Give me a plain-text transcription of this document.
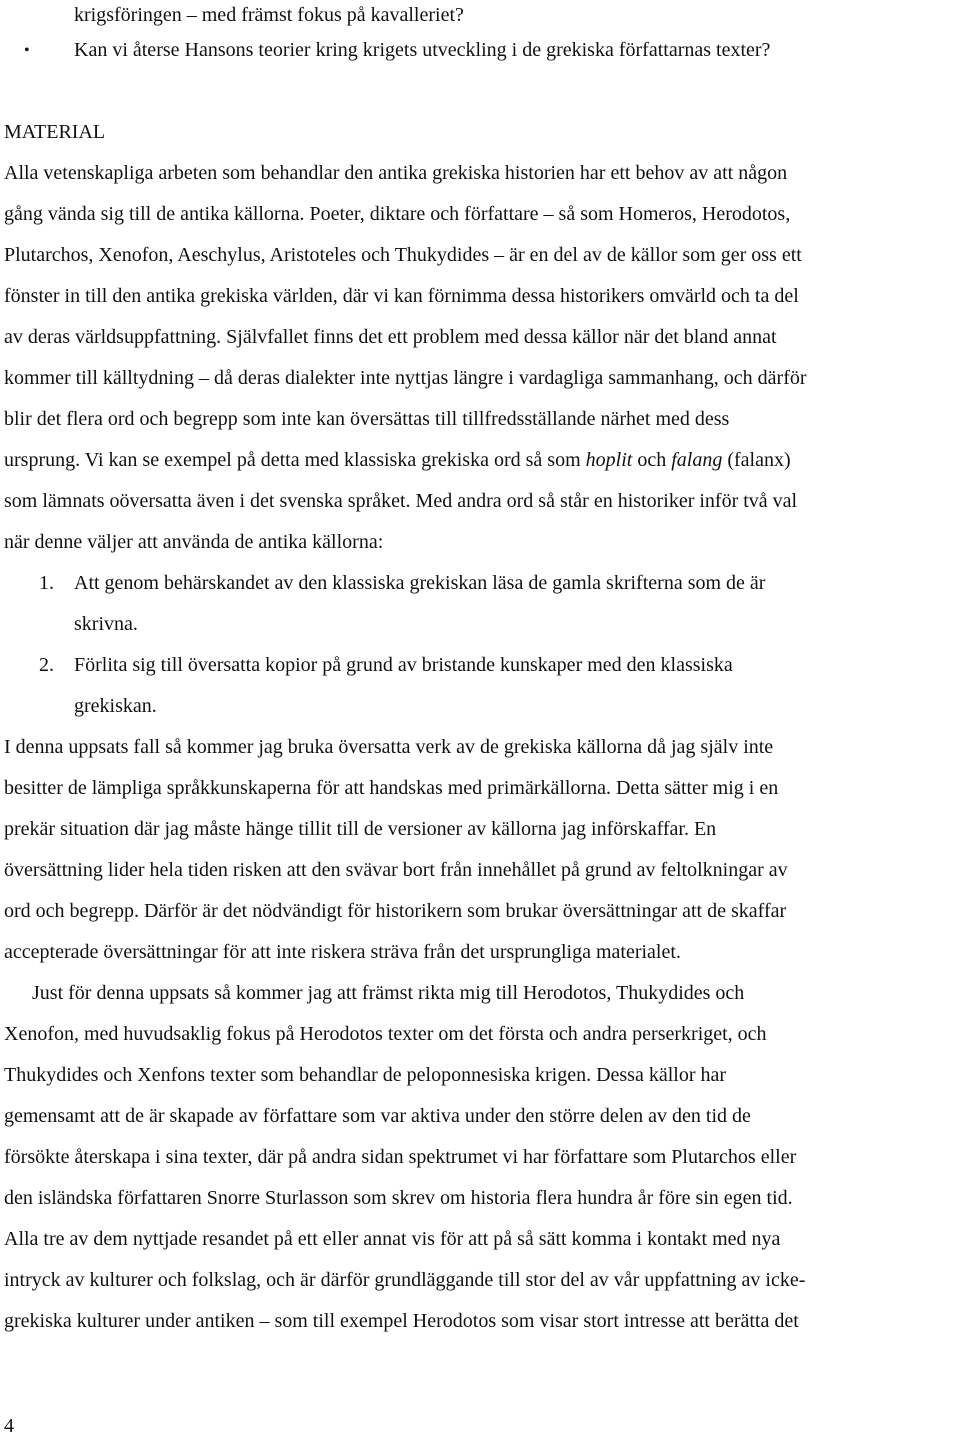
krigsföringen – med främst fokus på kavalleriet?
• Kan vi återse Hansons teorier kring krigets utveckling i de grekiska författarnas texter?
MATERIAL
Alla vetenskapliga arbeten som behandlar den antika grekiska historien har ett behov av att någon
gång vända sig till de antika källorna. Poeter, diktare och författare – så som Homeros, Herodotos,
Plutarchos, Xenofon, Aeschylus, Aristoteles och Thukydides – är en del av de källor som ger oss ett
fönster in till den antika grekiska världen, där vi kan förnimma dessa historikers omvärld och ta del
av deras världsuppfattning. Självfallet finns det ett problem med dessa källor när det bland annat
kommer till källtydning – då deras dialekter inte nyttjas längre i vardagliga sammanhang, och därför
blir det flera ord och begrepp som inte kan översättas till tillfredsställande närhet med dess
ursprung. Vi kan se exempel på detta med klassiska grekiska ord så som hoplit och falang (falanx)
som lämnats oöversatta även i det svenska språket. Med andra ord så står en historiker inför två val
när denne väljer att använda de antika källorna:
1. Att genom behärskandet av den klassiska grekiskan läsa de gamla skrifterna som de är
skrivna.
2. Förlita sig till översatta kopior på grund av bristande kunskaper med den klassiska
grekiskan.
I denna uppsats fall så kommer jag bruka översatta verk av de grekiska källorna då jag själv inte
besitter de lämpliga språkkunskaperna för att handskas med primärkällorna. Detta sätter mig i en
prekär situation där jag måste hänge tillit till de versioner av källorna jag införskaffar. En
översättning lider hela tiden risken att den svävar bort från innehållet på grund av feltolkningar av
ord och begrepp. Därför är det nödvändigt för historikern som brukar översättningar att de skaffar
accepterade översättningar för att inte riskera sträva från det ursprungliga materialet.
Just för denna uppsats så kommer jag att främst rikta mig till Herodotos, Thukydides och
Xenofon, med huvudsaklig fokus på Herodotos texter om det första och andra perserkriget, och
Thukydides och Xenfons texter som behandlar de peloponnesiska krigen. Dessa källor har
gemensamt att de är skapade av författare som var aktiva under den större delen av den tid de
försökte återskapa i sina texter, där på andra sidan spektrumet vi har författare som Plutarchos eller
den isländska författaren Snorre Sturlasson som skrev om historia flera hundra år före sin egen tid.
Alla tre av dem nyttjade resandet på ett eller annat vis för att på så sätt komma i kontakt med nya
intryck av kulturer och folkslag, och är därför grundläggande till stor del av vår uppfattning av icke-
grekiska kulturer under antiken – som till exempel Herodotos som visar stort intresse att berätta det
4
